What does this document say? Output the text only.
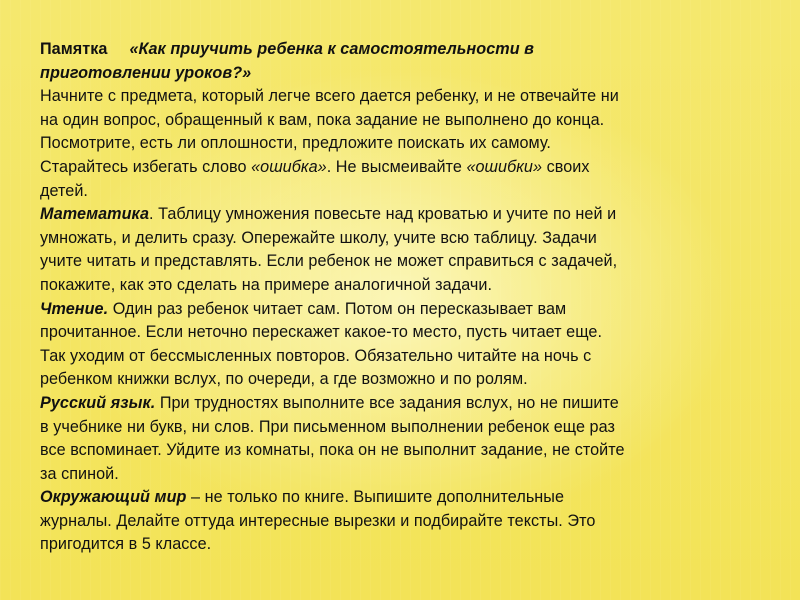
Памятка «Как приучить ребенка к самостоятельности в
приготовлении уроков?»
Начните с предмета, который легче всего дается ребенку, и не отвечайте ни
на один вопрос, обращенный к вам, пока задание не выполнено до конца.
Посмотрите, есть ли оплошности, предложите поискать их самому.
Старайтесь избегать слово «ошибка». Не высмеивайте «ошибки» своих
детей.
Математика. Таблицу умножения повесьте над кроватью и учите по ней и
умножать, и делить сразу. Опережайте школу, учите всю таблицу. Задачи
учите читать и представлять. Если ребенок не может справиться с задачей,
покажите, как это сделать на примере аналогичной задачи.
Чтение. Один раз ребенок читает сам. Потом он пересказывает вам
прочитанное. Если неточно перескажет какое-то место, пусть читает еще.
Так уходим от бессмысленных повторов. Обязательно читайте на ночь с
ребенком книжки вслух, по очереди, а где возможно и по ролям.
Русский язык. При трудностях выполните все задания вслух, но не пишите
в учебнике ни букв, ни слов. При письменном выполнении ребенок еще раз
все вспоминает. Уйдите из комнаты, пока он не выполнит задание, не стойте
за спиной.
Окружающий мир – не только по книге. Выпишите дополнительные
журналы. Делайте оттуда интересные вырезки и подбирайте тексты. Это
пригодится в 5 классе.
